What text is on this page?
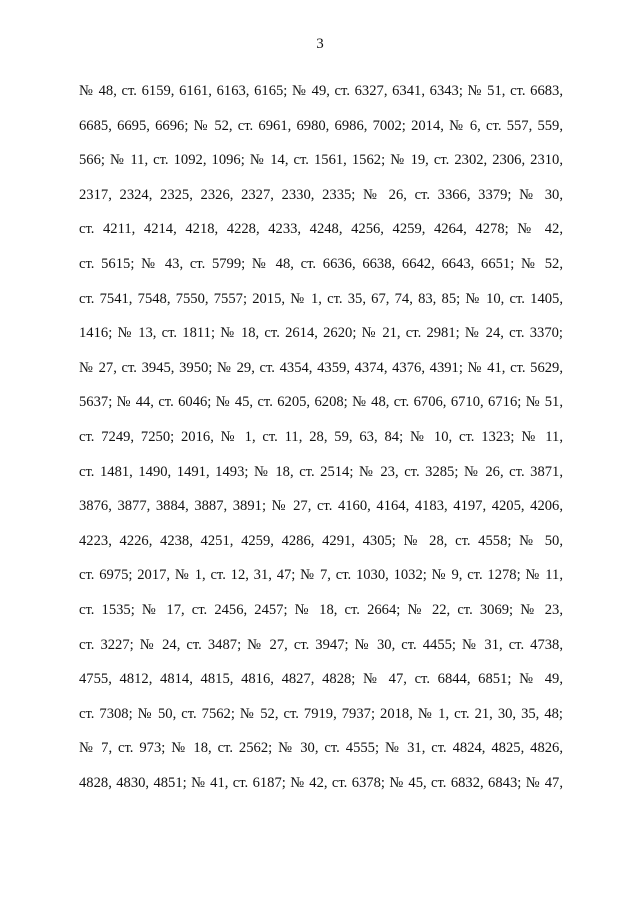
3
№ 48, ст. 6159, 6161, 6163, 6165; № 49, ст. 6327, 6341, 6343; № 51, ст. 6683,
6685, 6695, 6696; № 52, ст. 6961, 6980, 6986, 7002; 2014, № 6, ст. 557, 559,
566; № 11, ст. 1092, 1096; № 14, ст. 1561, 1562; № 19, ст. 2302, 2306, 2310,
2317, 2324, 2325, 2326, 2327, 2330, 2335; № 26, ст. 3366, 3379; № 30,
ст. 4211, 4214, 4218, 4228, 4233, 4248, 4256, 4259, 4264, 4278; № 42,
ст. 5615; № 43, ст. 5799; № 48, ст. 6636, 6638, 6642, 6643, 6651; № 52,
ст. 7541, 7548, 7550, 7557; 2015, № 1, ст. 35, 67, 74, 83, 85; № 10, ст. 1405,
1416; № 13, ст. 1811; № 18, ст. 2614, 2620; № 21, ст. 2981; № 24, ст. 3370;
№ 27, ст. 3945, 3950; № 29, ст. 4354, 4359, 4374, 4376, 4391; № 41, ст. 5629,
5637; № 44, ст. 6046; № 45, ст. 6205, 6208; № 48, ст. 6706, 6710, 6716; № 51,
ст. 7249, 7250; 2016, № 1, ст. 11, 28, 59, 63, 84; № 10, ст. 1323; № 11,
ст. 1481, 1490, 1491, 1493; № 18, ст. 2514; № 23, ст. 3285; № 26, ст. 3871,
3876, 3877, 3884, 3887, 3891; № 27, ст. 4160, 4164, 4183, 4197, 4205, 4206,
4223, 4226, 4238, 4251, 4259, 4286, 4291, 4305; № 28, ст. 4558; № 50,
ст. 6975; 2017, № 1, ст. 12, 31, 47; № 7, ст. 1030, 1032; № 9, ст. 1278; № 11,
ст. 1535; № 17, ст. 2456, 2457; № 18, ст. 2664; № 22, ст. 3069; № 23,
ст. 3227; № 24, ст. 3487; № 27, ст. 3947; № 30, ст. 4455; № 31, ст. 4738,
4755, 4812, 4814, 4815, 4816, 4827, 4828; № 47, ст. 6844, 6851; № 49,
ст. 7308; № 50, ст. 7562; № 52, ст. 7919, 7937; 2018, № 1, ст. 21, 30, 35, 48;
№ 7, ст. 973; № 18, ст. 2562; № 30, ст. 4555; № 31, ст. 4824, 4825, 4826,
4828, 4830, 4851; № 41, ст. 6187; № 42, ст. 6378; № 45, ст. 6832, 6843; № 47,
